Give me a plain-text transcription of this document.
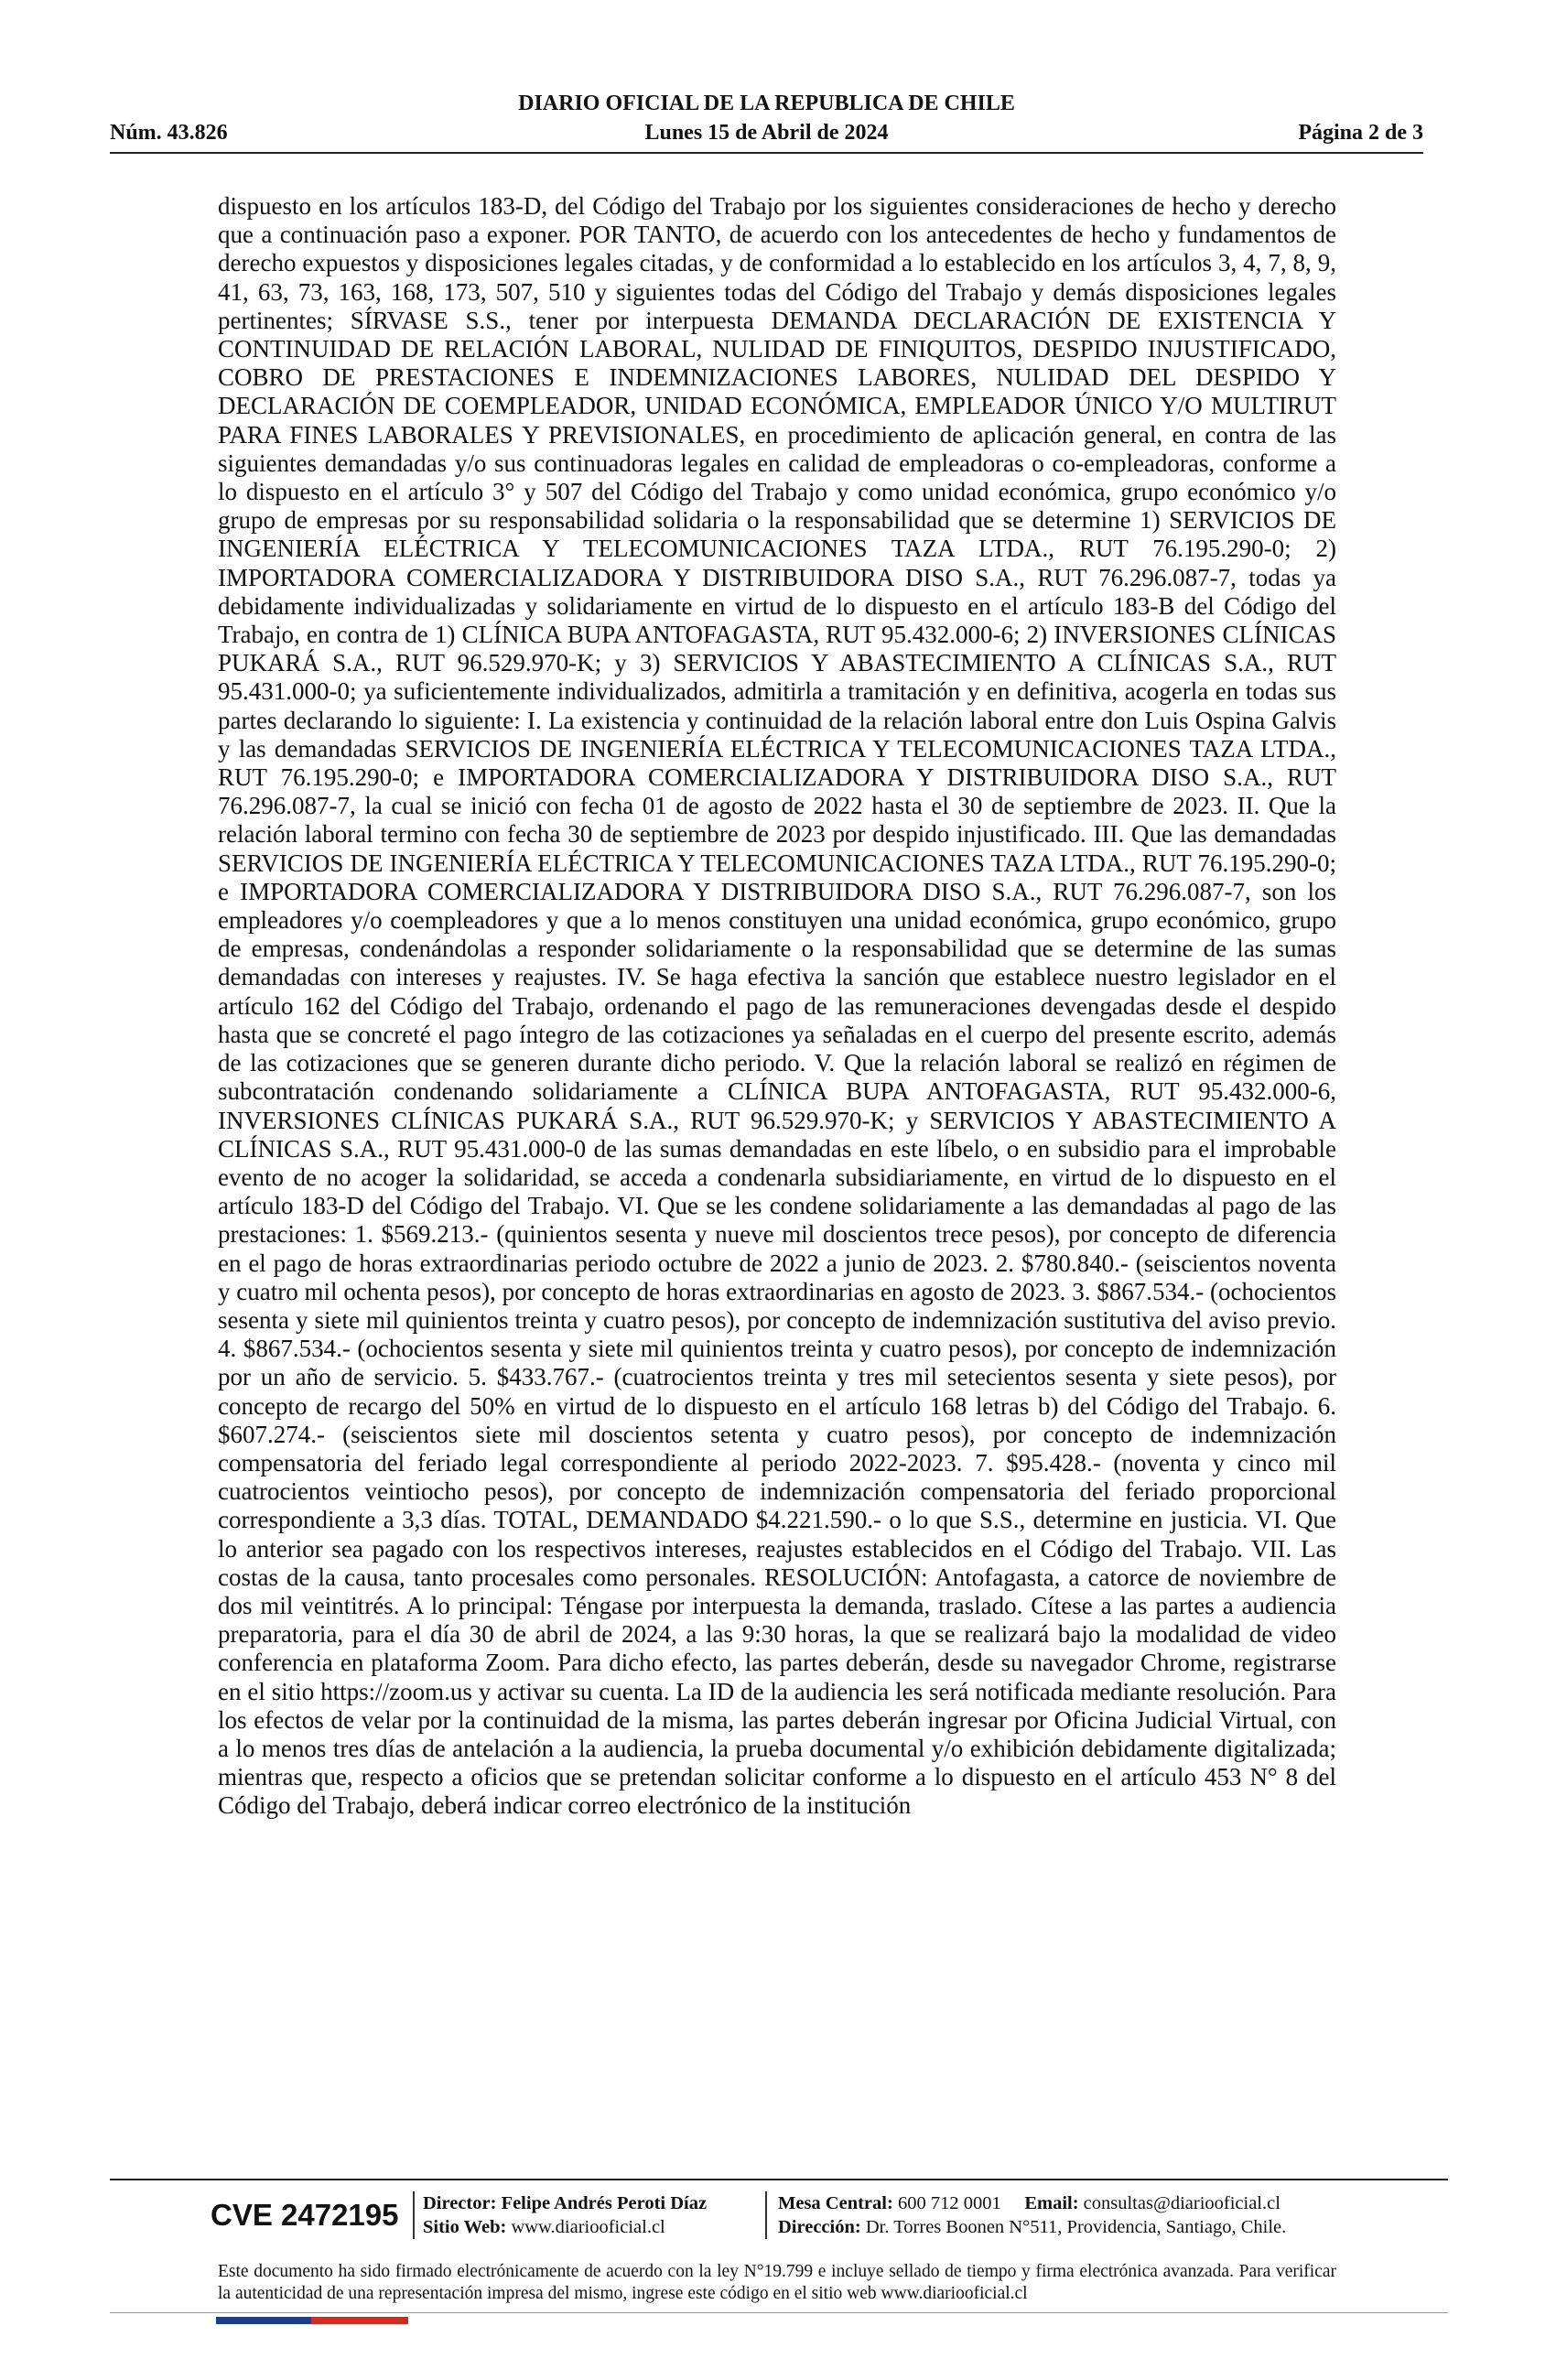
DIARIO OFICIAL DE LA REPUBLICA DE CHILE
Núm. 43.826	Lunes 15 de Abril de 2024	Página 2 de 3
dispuesto en los artículos 183-D, del Código del Trabajo por los siguientes consideraciones de hecho y derecho que a continuación paso a exponer. POR TANTO, de acuerdo con los antecedentes de hecho y fundamentos de derecho expuestos y disposiciones legales citadas, y de conformidad a lo establecido en los artículos 3, 4, 7, 8, 9, 41, 63, 73, 163, 168, 173, 507, 510 y siguientes todas del Código del Trabajo y demás disposiciones legales pertinentes; SÍRVASE S.S., tener por interpuesta DEMANDA DECLARACIÓN DE EXISTENCIA Y CONTINUIDAD DE RELACIÓN LABORAL, NULIDAD DE FINIQUITOS, DESPIDO INJUSTIFICADO, COBRO DE PRESTACIONES E INDEMNIZACIONES LABORES, NULIDAD DEL DESPIDO Y DECLARACIÓN DE COEMPLEADOR, UNIDAD ECONÓMICA, EMPLEADOR ÚNICO Y/O MULTIRUT PARA FINES LABORALES Y PREVISIONALES, en procedimiento de aplicación general, en contra de las siguientes demandadas y/o sus continuadoras legales en calidad de empleadoras o co-empleadoras, conforme a lo dispuesto en el artículo 3° y 507 del Código del Trabajo y como unidad económica, grupo económico y/o grupo de empresas por su responsabilidad solidaria o la responsabilidad que se determine 1) SERVICIOS DE INGENIERÍA ELÉCTRICA Y TELECOMUNICACIONES TAZA LTDA., RUT 76.195.290-0; 2) IMPORTADORA COMERCIALIZADORA Y DISTRIBUIDORA DISO S.A., RUT 76.296.087-7, todas ya debidamente individualizadas y solidariamente en virtud de lo dispuesto en el artículo 183-B del Código del Trabajo, en contra de 1) CLÍNICA BUPA ANTOFAGASTA, RUT 95.432.000-6; 2) INVERSIONES CLÍNICAS PUKARÁ S.A., RUT 96.529.970-K; y 3) SERVICIOS Y ABASTECIMIENTO A CLÍNICAS S.A., RUT 95.431.000-0; ya suficientemente individualizados, admitirla a tramitación y en definitiva, acogerla en todas sus partes declarando lo siguiente: I. La existencia y continuidad de la relación laboral entre don Luis Ospina Galvis y las demandadas SERVICIOS DE INGENIERÍA ELÉCTRICA Y TELECOMUNICACIONES TAZA LTDA., RUT 76.195.290-0; e IMPORTADORA COMERCIALIZADORA Y DISTRIBUIDORA DISO S.A., RUT 76.296.087-7, la cual se inició con fecha 01 de agosto de 2022 hasta el 30 de septiembre de 2023. II. Que la relación laboral termino con fecha 30 de septiembre de 2023 por despido injustificado. III. Que las demandadas SERVICIOS DE INGENIERÍA ELÉCTRICA Y TELECOMUNICACIONES TAZA LTDA., RUT 76.195.290-0; e IMPORTADORA COMERCIALIZADORA Y DISTRIBUIDORA DISO S.A., RUT 76.296.087-7, son los empleadores y/o coempleadores y que a lo menos constituyen una unidad económica, grupo económico, grupo de empresas, condenándolas a responder solidariamente o la responsabilidad que se determine de las sumas demandadas con intereses y reajustes. IV. Se haga efectiva la sanción que establece nuestro legislador en el artículo 162 del Código del Trabajo, ordenando el pago de las remuneraciones devengadas desde el despido hasta que se concreté el pago íntegro de las cotizaciones ya señaladas en el cuerpo del presente escrito, además de las cotizaciones que se generen durante dicho periodo. V. Que la relación laboral se realizó en régimen de subcontratación condenando solidariamente a CLÍNICA BUPA ANTOFAGASTA, RUT 95.432.000-6, INVERSIONES CLÍNICAS PUKARÁ S.A., RUT 96.529.970-K; y SERVICIOS Y ABASTECIMIENTO A CLÍNICAS S.A., RUT 95.431.000-0 de las sumas demandadas en este líbelo, o en subsidio para el improbable evento de no acoger la solidaridad, se acceda a condenarla subsidiariamente, en virtud de lo dispuesto en el artículo 183-D del Código del Trabajo. VI. Que se les condene solidariamente a las demandadas al pago de las prestaciones: 1. $569.213.- (quinientos sesenta y nueve mil doscientos trece pesos), por concepto de diferencia en el pago de horas extraordinarias periodo octubre de 2022 a junio de 2023. 2. $780.840.- (seiscientos noventa y cuatro mil ochenta pesos), por concepto de horas extraordinarias en agosto de 2023. 3. $867.534.- (ochocientos sesenta y siete mil quinientos treinta y cuatro pesos), por concepto de indemnización sustitutiva del aviso previo. 4. $867.534.- (ochocientos sesenta y siete mil quinientos treinta y cuatro pesos), por concepto de indemnización por un año de servicio. 5. $433.767.- (cuatrocientos treinta y tres mil setecientos sesenta y siete pesos), por concepto de recargo del 50% en virtud de lo dispuesto en el artículo 168 letras b) del Código del Trabajo. 6. $607.274.- (seiscientos siete mil doscientos setenta y cuatro pesos), por concepto de indemnización compensatoria del feriado legal correspondiente al periodo 2022-2023. 7. $95.428.- (noventa y cinco mil cuatrocientos veintiocho pesos), por concepto de indemnización compensatoria del feriado proporcional correspondiente a 3,3 días. TOTAL, DEMANDADO $4.221.590.- o lo que S.S., determine en justicia. VI. Que lo anterior sea pagado con los respectivos intereses, reajustes establecidos en el Código del Trabajo. VII. Las costas de la causa, tanto procesales como personales. RESOLUCIÓN: Antofagasta, a catorce de noviembre de dos mil veintitrés. A lo principal: Téngase por interpuesta la demanda, traslado. Cítese a las partes a audiencia preparatoria, para el día 30 de abril de 2024, a las 9:30 horas, la que se realizará bajo la modalidad de video conferencia en plataforma Zoom. Para dicho efecto, las partes deberán, desde su navegador Chrome, registrarse en el sitio https://zoom.us y activar su cuenta. La ID de la audiencia les será notificada mediante resolución. Para los efectos de velar por la continuidad de la misma, las partes deberán ingresar por Oficina Judicial Virtual, con a lo menos tres días de antelación a la audiencia, la prueba documental y/o exhibición debidamente digitalizada; mientras que, respecto a oficios que se pretendan solicitar conforme a lo dispuesto en el artículo 453 N° 8 del Código del Trabajo, deberá indicar correo electrónico de la institución
CVE 2472195	Director: Felipe Andrés Peroti Díaz
Sitio Web: www.diariooficial.cl
Mesa Central: 600 712 0001 Email: consultas@diariooficial.cl
Dirección: Dr. Torres Boonen N°511, Providencia, Santiago, Chile.
Este documento ha sido firmado electrónicamente de acuerdo con la ley N°19.799 e incluye sellado de tiempo y firma electrónica avanzada. Para verificar la autenticidad de una representación impresa del mismo, ingrese este código en el sitio web www.diariooficial.cl
